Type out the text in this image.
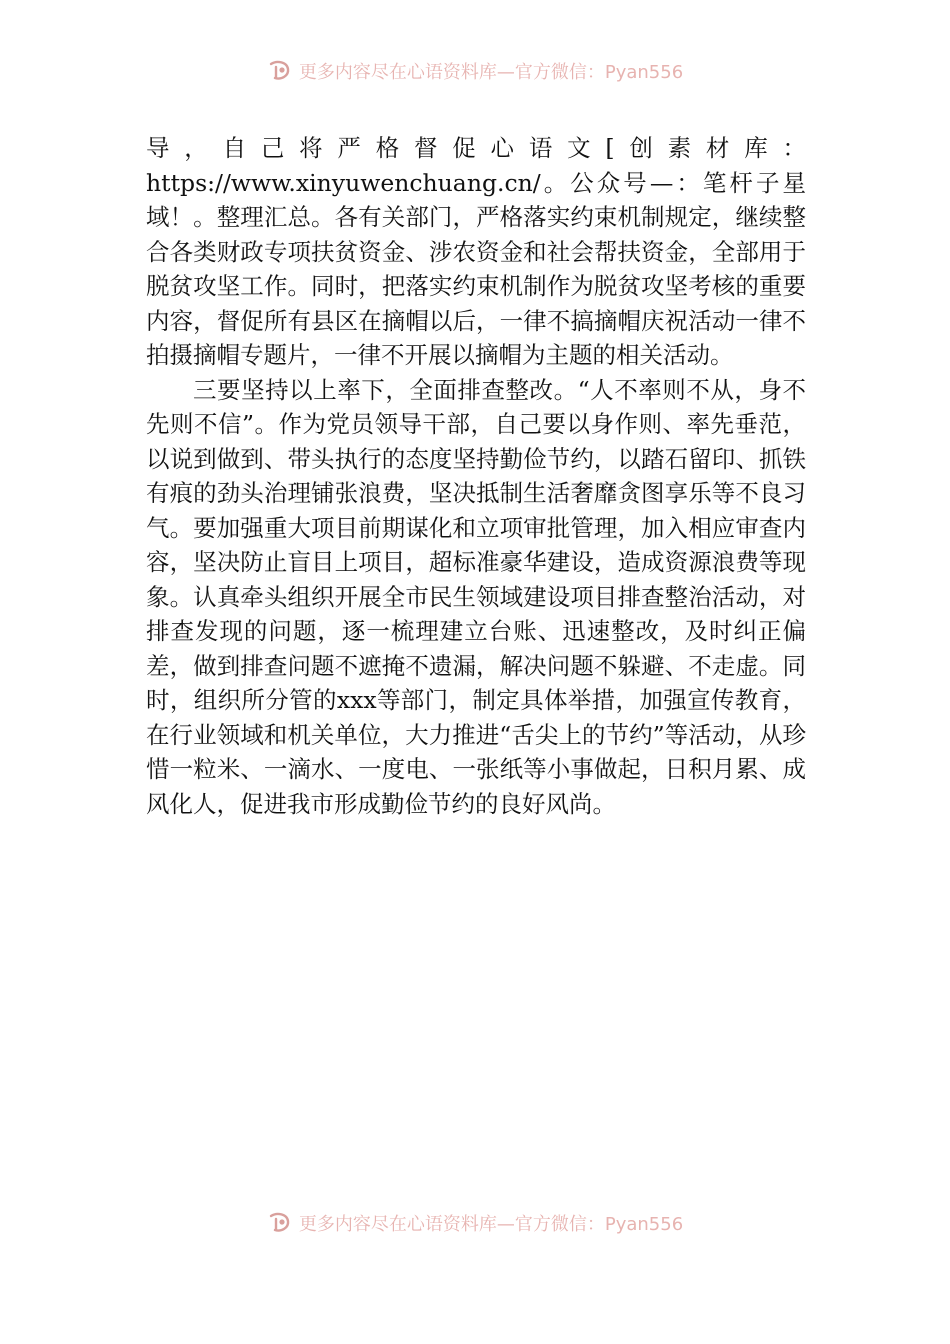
更多内容尽在心语资料库—官方微信：Pyan556

导，自己将严格督促心语文[创素材库：https://www.xinyuwenchuang.cn/。公众号—：笔杆子星域！。整理汇总。各有关部门，严格落实约束机制规定，继续整合各类财政专项扶贫资金、涉农资金和社会帮扶资金，全部用于脱贫攻坚工作。同时，把落实约束机制作为脱贫攻坚考核的重要内容，督促所有县区在摘帽以后，一律不搞摘帽庆祝活动一律不拍摄摘帽专题片，一律不开展以摘帽为主题的相关活动。

三要坚持以上率下，全面排查整改。“人不率则不从，身不先则不信”。作为党员领导干部，自己要以身作则、率先垂范，以说到做到、带头执行的态度坚持勤俭节约，以踏石留印、抓铁有痕的劲头治理铺张浪费，坚决抵制生活奢靡贪图享乐等不良习气。要加强重大项目前期谋化和立项审批管理，加入相应审查内容，坚决防止盲目上项目，超标准豪华建设，造成资源浪费等现象。认真牵头组织开展全市民生领域建设项目排查整治活动，对排查发现的问题，逐一梳理建立台账、迅速整改，及时纠正偏差，做到排查问题不遮掩不遗漏，解决问题不躲避、不走虚。同时，组织所分管的xxx等部门，制定具体举措，加强宣传教育，在行业领域和机关单位，大力推进“舌尖上的节约”等活动，从珍惜一粒米、一滴水、一度电、一张纸等小事做起，日积月累、成风化人，促进我市形成勤俭节约的良好风尚。

更多内容尽在心语资料库—官方微信：Pyan556
